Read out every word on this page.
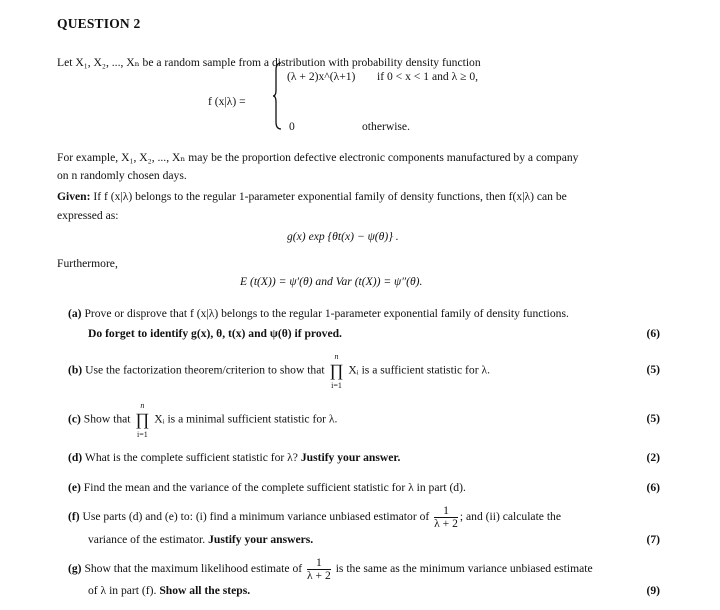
QUESTION 2
Let X₁, X₂, ..., Xₙ be a random sample from a distribution with probability density function
f (x|λ) =
(λ + 2)x^(λ+1) if 0 < x < 1 and λ ≥ 0,
0	otherwise.
For example, X₁, X₂, ..., Xₙ may be the proportion defective electronic components manufactured by a company
on n randomly chosen days.
Given: If f (x|λ) belongs to the regular 1-parameter exponential family of density functions, then f(x|λ) can be
expressed as:
g(x) exp {θt(x) − ψ(θ)} .
Furthermore,
E (t(X)) = ψ′(θ) and Var (t(X)) = ψ″(θ).
(a) Prove or disprove that f (x|λ) belongs to the regular 1-parameter exponential family of density functions.
Do forget to identify g(x), θ, t(x) and ψ(θ) if proved.	(6)
(b) Use the factorization theorem/criterion to show that
n
∏
i=1
Xᵢ is a sufficient statistic for λ.	(5)
(c) Show that
n
∏
i=1
Xᵢ is a minimal sufficient statistic for λ.	(5)
(d) What is the complete sufficient statistic for λ? Justify your answer.	(2)
(e) Find the mean and the variance of the complete sufficient statistic for λ in part (d).	(6)
(f) Use parts (d) and (e) to: (i) find a minimum variance unbiased estimator of $\frac{1}{\lambda + 2}$ ; and (ii) calculate the
variance of the estimator. Justify your answers.	(7)
(g) Show that the maximum likelihood estimate of $\frac{1}{\lambda + 2}$ is the same as the minimum variance unbiased estimate
of λ in part (f). Show all the steps.	(9)
